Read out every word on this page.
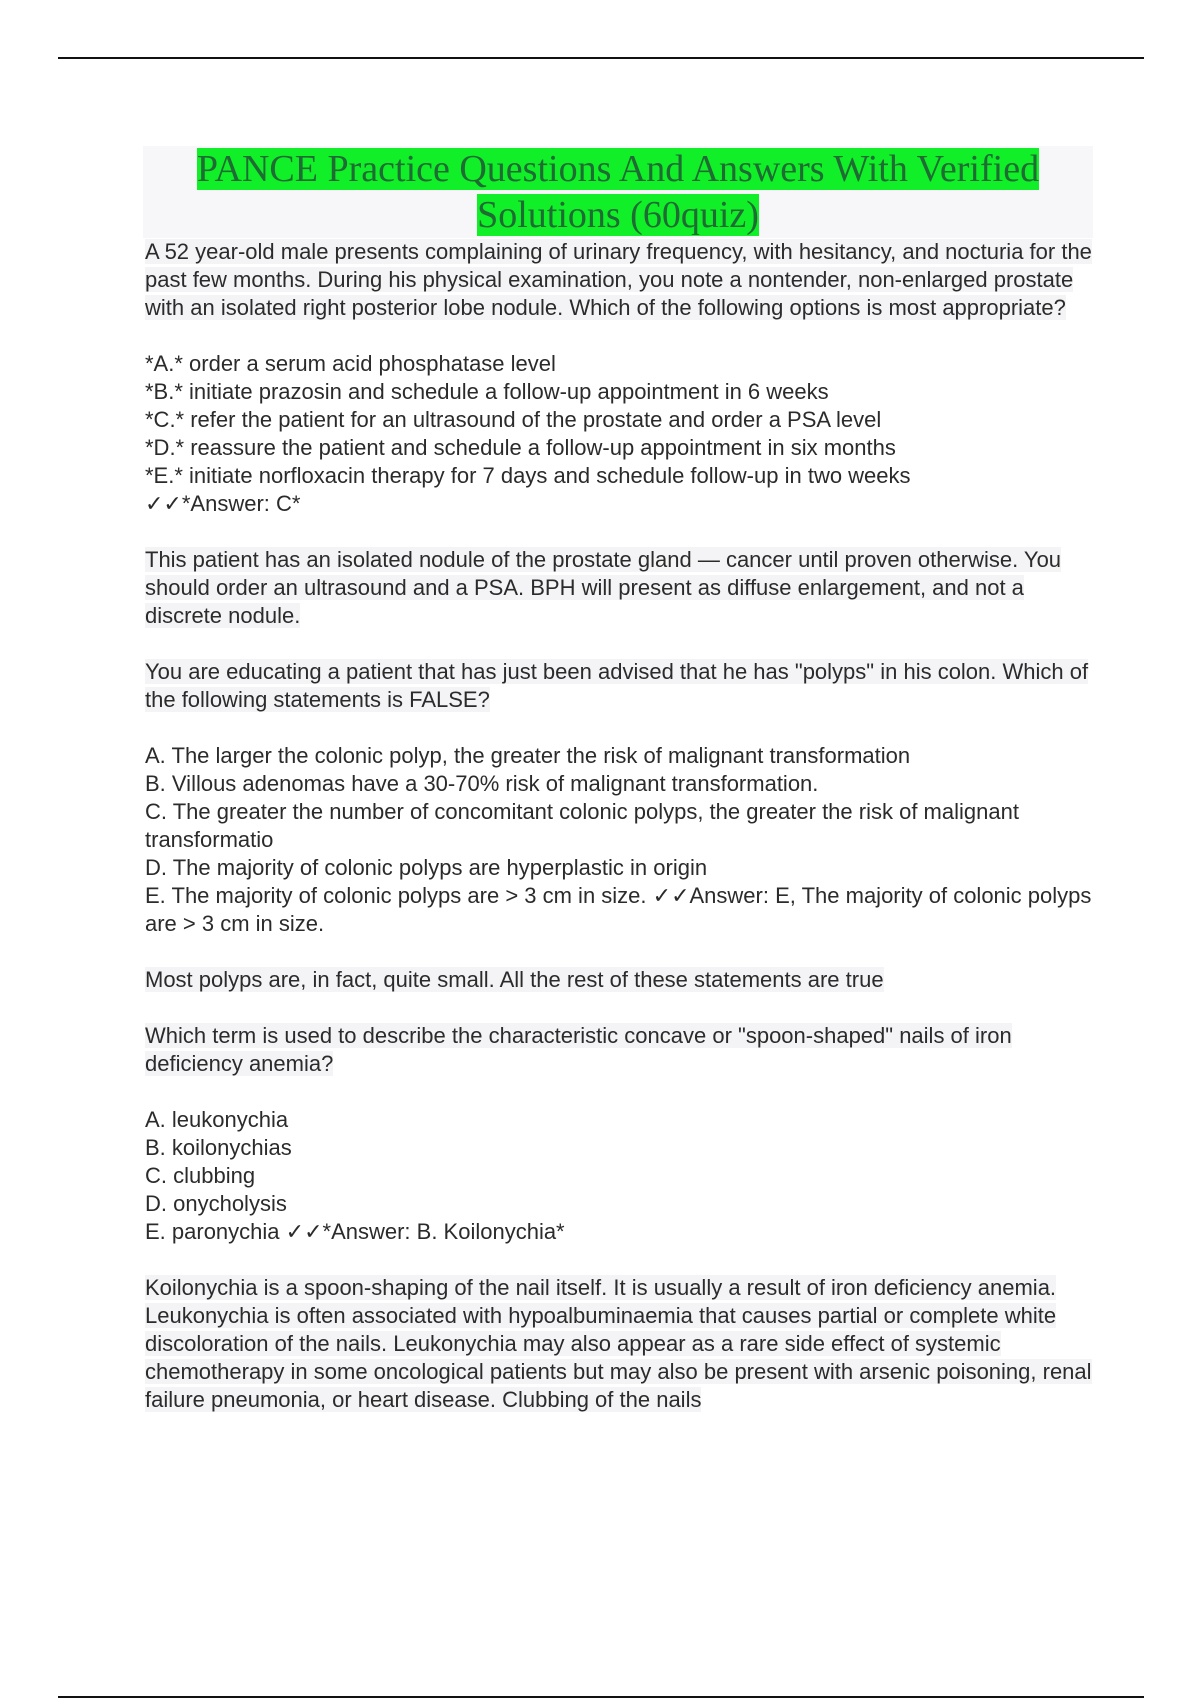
PANCE Practice Questions And Answers With Verified Solutions (60quiz)

A 52 year-old male presents complaining of urinary frequency, with hesitancy, and nocturia for the past few months. During his physical examination, you note a nontender, non-enlarged prostate with an isolated right posterior lobe nodule. Which of the following options is most appropriate?

*A.* order a serum acid phosphatase level
*B.* initiate prazosin and schedule a follow-up appointment in 6 weeks
*C.* refer the patient for an ultrasound of the prostate and order a PSA level
*D.* reassure the patient and schedule a follow-up appointment in six months
*E.* initiate norfloxacin therapy for 7 days and schedule follow-up in two weeks
✓✓*Answer: C*

This patient has an isolated nodule of the prostate gland — cancer until proven otherwise. You should order an ultrasound and a PSA. BPH will present as diffuse enlargement, and not a discrete nodule.

You are educating a patient that has just been advised that he has "polyps" in his colon. Which of the following statements is FALSE?

A. The larger the colonic polyp, the greater the risk of malignant transformation
B. Villous adenomas have a 30-70% risk of malignant transformation.
C. The greater the number of concomitant colonic polyps, the greater the risk of malignant transformatio
D. The majority of colonic polyps are hyperplastic in origin
E. The majority of colonic polyps are > 3 cm in size. ✓✓Answer: E, The majority of colonic polyps are > 3 cm in size.

Most polyps are, in fact, quite small. All the rest of these statements are true

Which term is used to describe the characteristic concave or "spoon-shaped" nails of iron deficiency anemia?

A. leukonychia
B. koilonychias
C. clubbing
D. onycholysis
E. paronychia ✓✓*Answer: B. Koilonychia*

Koilonychia is a spoon-shaping of the nail itself. It is usually a result of iron deficiency anemia. Leukonychia is often associated with hypoalbuminaemia that causes partial or complete white discoloration of the nails. Leukonychia may also appear as a rare side effect of systemic chemotherapy in some oncological patients but may also be present with arsenic poisoning, renal failure pneumonia, or heart disease. Clubbing of the nails
